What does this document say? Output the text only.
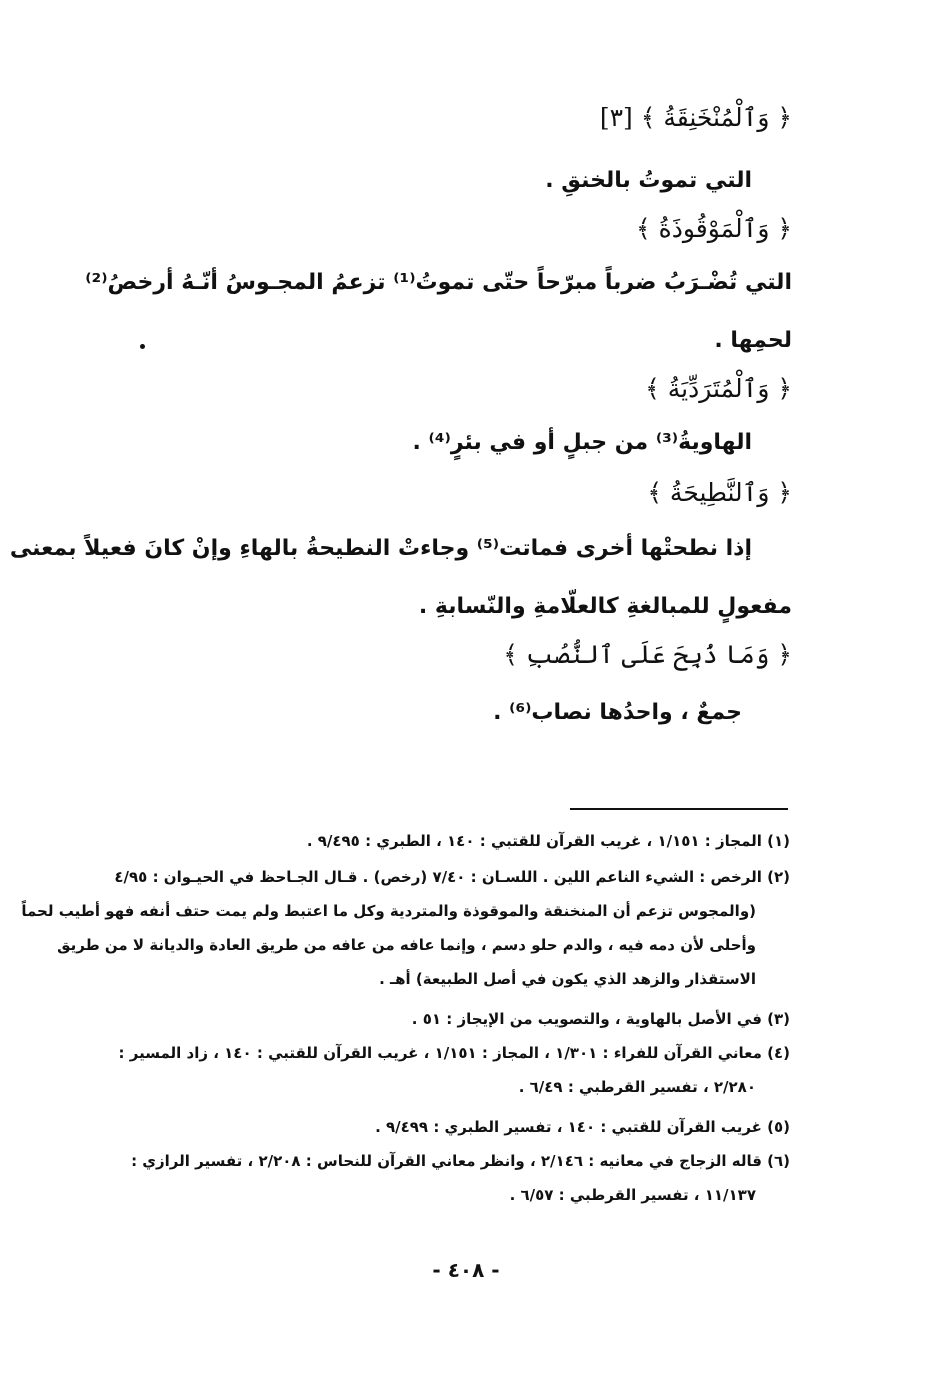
﴿ وَٱلْمُنْخَنِقَةُ ﴾ [٣]
التي تموتُ بالخنقِ .
﴿ وَٱلْمَوْقُوذَةُ ﴾
التي تُضْـرَبُ ضرباً مبرّحاً حتّى تموتُ⁽¹⁾ تزعمُ المجـوسُ أنّـهُ أرخصُ⁽²⁾
لحمِها .
﴿ وَٱلْمُتَرَدِّيَةُ ﴾
الهاويةُ⁽³⁾ من جبلٍ أو في بئرٍ⁽⁴⁾ .
﴿ وَٱلنَّطِيحَةُ ﴾
إذا نطحتْها أخرى فماتت⁽⁵⁾ وجاءتْ النطيحةُ بالهاءِ وإنْ كانَ فعيلاً بمعنى
مفعولٍ للمبالغةِ كالعلّامةِ والنّسابةِ .
﴿ وَمَا ذُبِحَ عَلَى ٱلنُّصُبِ ﴾
جمعٌ ، واحدُها نصاب⁽⁶⁾ .
(١) المجاز : ١/١٥١ ، غريب القرآن للقتبي : ١٤٠ ، الطبري : ٩/٤٩٥ .
(٢) الرخص : الشيء الناعم اللين . اللسـان : ٧/٤٠ (رخص) . قـال الجـاحظ في الحيـوان : ٤/٩٥
(والمجوس تزعم أن المنخنقة والموقوذة والمتردية وكل ما اعتبط ولم يمت حتف أنفه فهو أطيب لحماً
وأحلى لأن دمه فيه ، والدم حلو دسم ، وإنما عافه من عافه من طريق العادة والديانة لا من طريق
الاستقذار والزهد الذي يكون في أصل الطبيعة) أهـ .
(٣) في الأصل بالهاوية ، والتصويب من الإيجاز : ٥١ .
(٤) معاني القرآن للفراء : ١/٣٠١ ، المجاز : ١/١٥١ ، غريب القرآن للقتبي : ١٤٠ ، زاد المسير :
٢/٢٨٠ ، تفسير القرطبي : ٦/٤٩ .
(٥) غريب القرآن للقتبي : ١٤٠ ، تفسير الطبري : ٩/٤٩٩ .
(٦) قاله الزجاج في معانيه : ٢/١٤٦ ، وانظر معاني القرآن للنحاس : ٢/٢٠٨ ، تفسير الرازي :
١١/١٣٧ ، تفسير القرطبي : ٦/٥٧ .
- ٤٠٨ -
